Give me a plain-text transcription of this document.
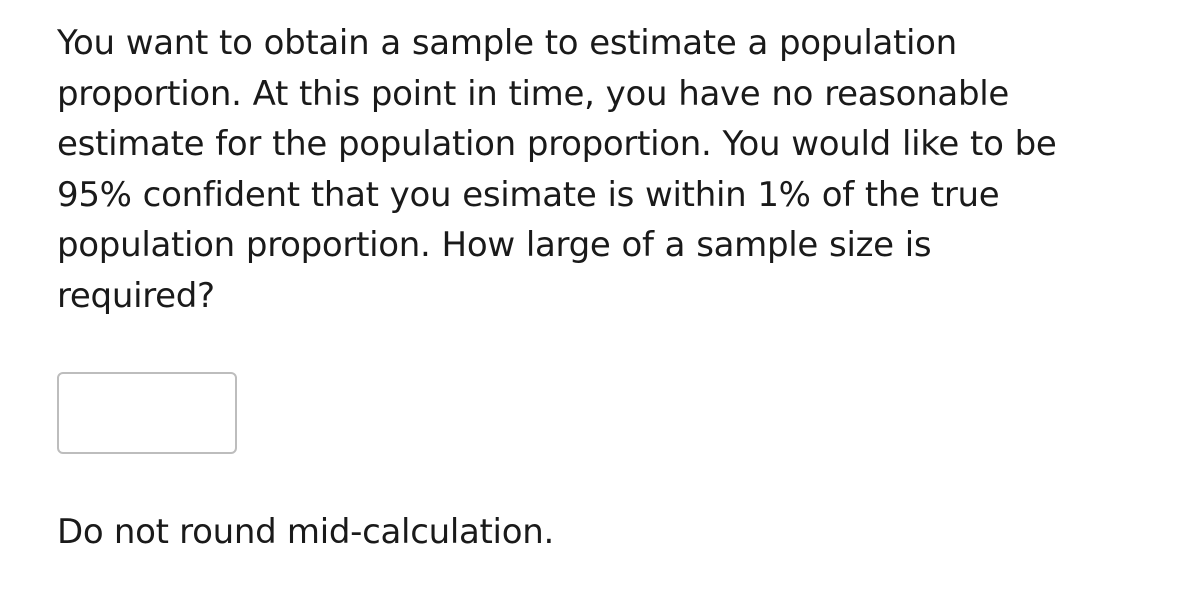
You want to obtain a sample to estimate a population
proportion. At this point in time, you have no reasonable
estimate for the population proportion. You would like to be
95% confident that you esimate is within 1% of the true
population proportion. How large of a sample size is
required?

Do not round mid-calculation.
